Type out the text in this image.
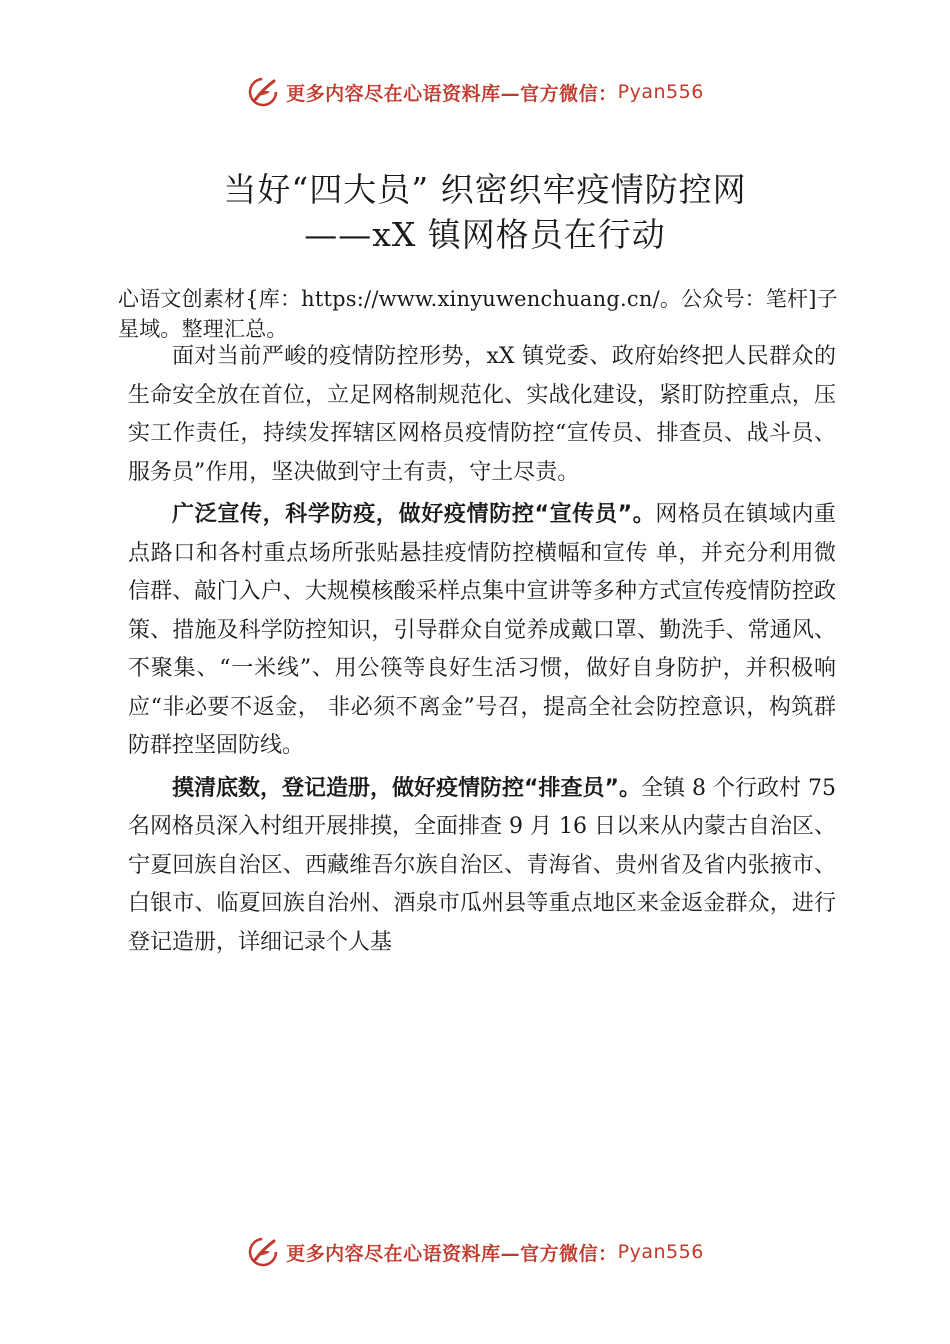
更多内容尽在心语资料库—官方微信： Pyan556
当好“四大员” 织密织牢疫情防控网
——xX 镇网格员在行动
心语文创素材{库：https://www.xinyuwenchuang.cn/。公众号：笔杆]子星域。整理汇总。

面对当前严峻的疫情防控形势，xX 镇党委、政府始终把人民群众的生命安全放在首位，立足网格制规范化、实战化建设，紧盯防控重点，压实工作责任，持续发挥辖区网格员疫情防控“宣传员、排查员、战斗员、服务员”作用，坚决做到守土有责，守土尽责。

广泛宣传，科学防疫，做好疫情防控“宣传员”。网格员在镇域内重点路口和各村重点场所张贴悬挂疫情防控横幅和宣传 单，并充分利用微信群、敲门入户、大规模核酸采样点集中宣讲等多种方式宣传疫情防控政策、措施及科学防控知识，引导群众自觉养成戴口罩、勤洗手、常通风、不聚集、“一米线”、用公筷等良好生活习惯，做好自身防护，并积极响应“非必要不返金， 非必须不离金”号召，提高全社会防控意识，构筑群防群控坚固防线。

摸清底数，登记造册，做好疫情防控“排查员”。全镇 8 个行政村 75 名网格员深入村组开展排摸，全面排查 9 月 16 日以来从内蒙古自治区、宁夏回族自治区、西藏维吾尔族自治区、青海省、贵州省及省内张掖市、白银市、临夏回族自治州、酒泉市瓜州县等重点地区来金返金群众，进行登记造册，详细记录个人基

更多内容尽在心语资料库—官方微信： Pyan556
